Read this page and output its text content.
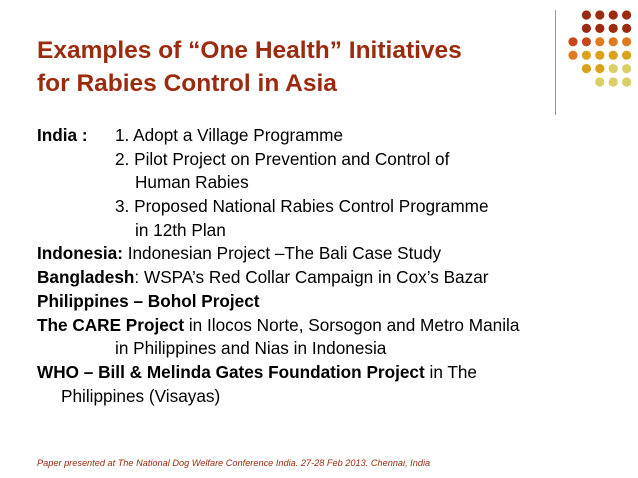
Examples of “One Health” Initiatives
for Rabies Control in Asia
India : 1. Adopt a Village Programme
2. Pilot Project on Prevention and Control of
Human Rabies
3. Proposed National Rabies Control Programme
in 12th Plan
Indonesia: Indonesian Project –The Bali Case Study
Bangladesh: WSPA’s Red Collar Campaign in Cox’s Bazar
Philippines – Bohol Project
The CARE Project in Ilocos Norte, Sorsogon and Metro Manila
in Philippines and Nias in Indonesia
WHO – Bill & Melinda Gates Foundation Project in The
Philippines (Visayas)
Paper presented at The National Dog Welfare Conference India. 27-28 Feb 2013. Chennai, India
